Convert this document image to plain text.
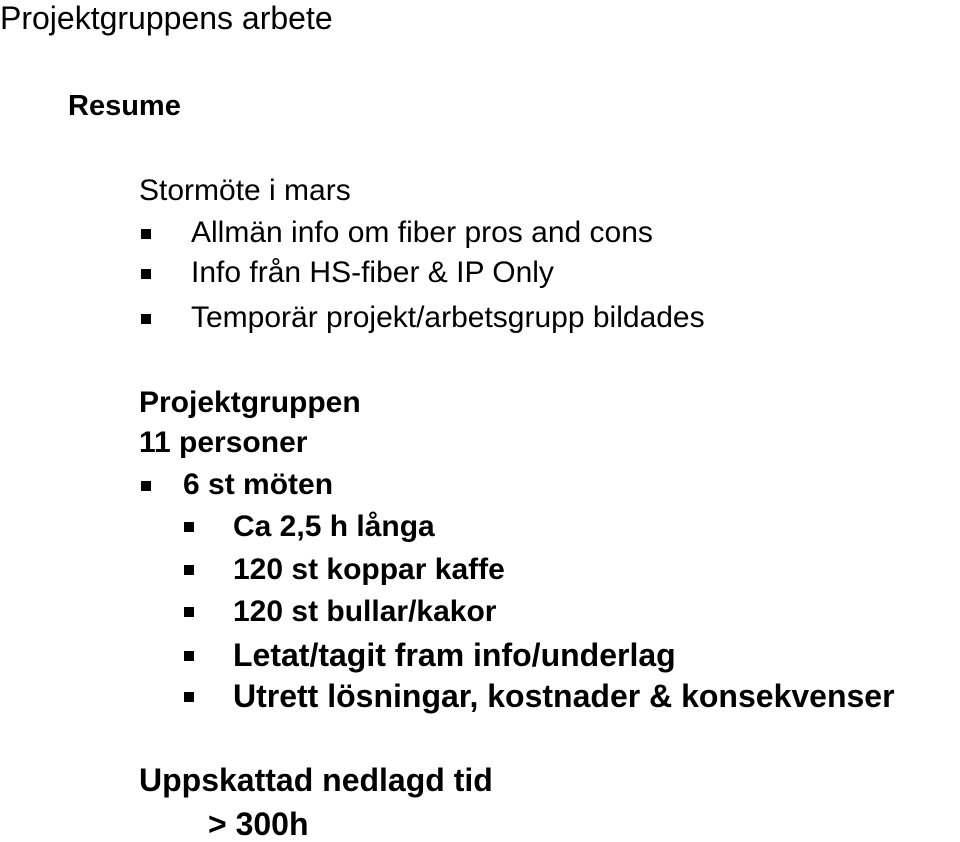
Projektgruppens arbete
Resume
Stormöte i mars
Allmän info om fiber pros and cons
Info från HS-fiber & IP Only
Temporär projekt/arbetsgrupp bildades
Projektgruppen
11 personer
6 st möten
Ca 2,5 h långa
120 st koppar kaffe
120 st bullar/kakor
Letat/tagit fram info/underlag
Utrett lösningar, kostnader & konsekvenser
Uppskattad nedlagd tid
> 300h
